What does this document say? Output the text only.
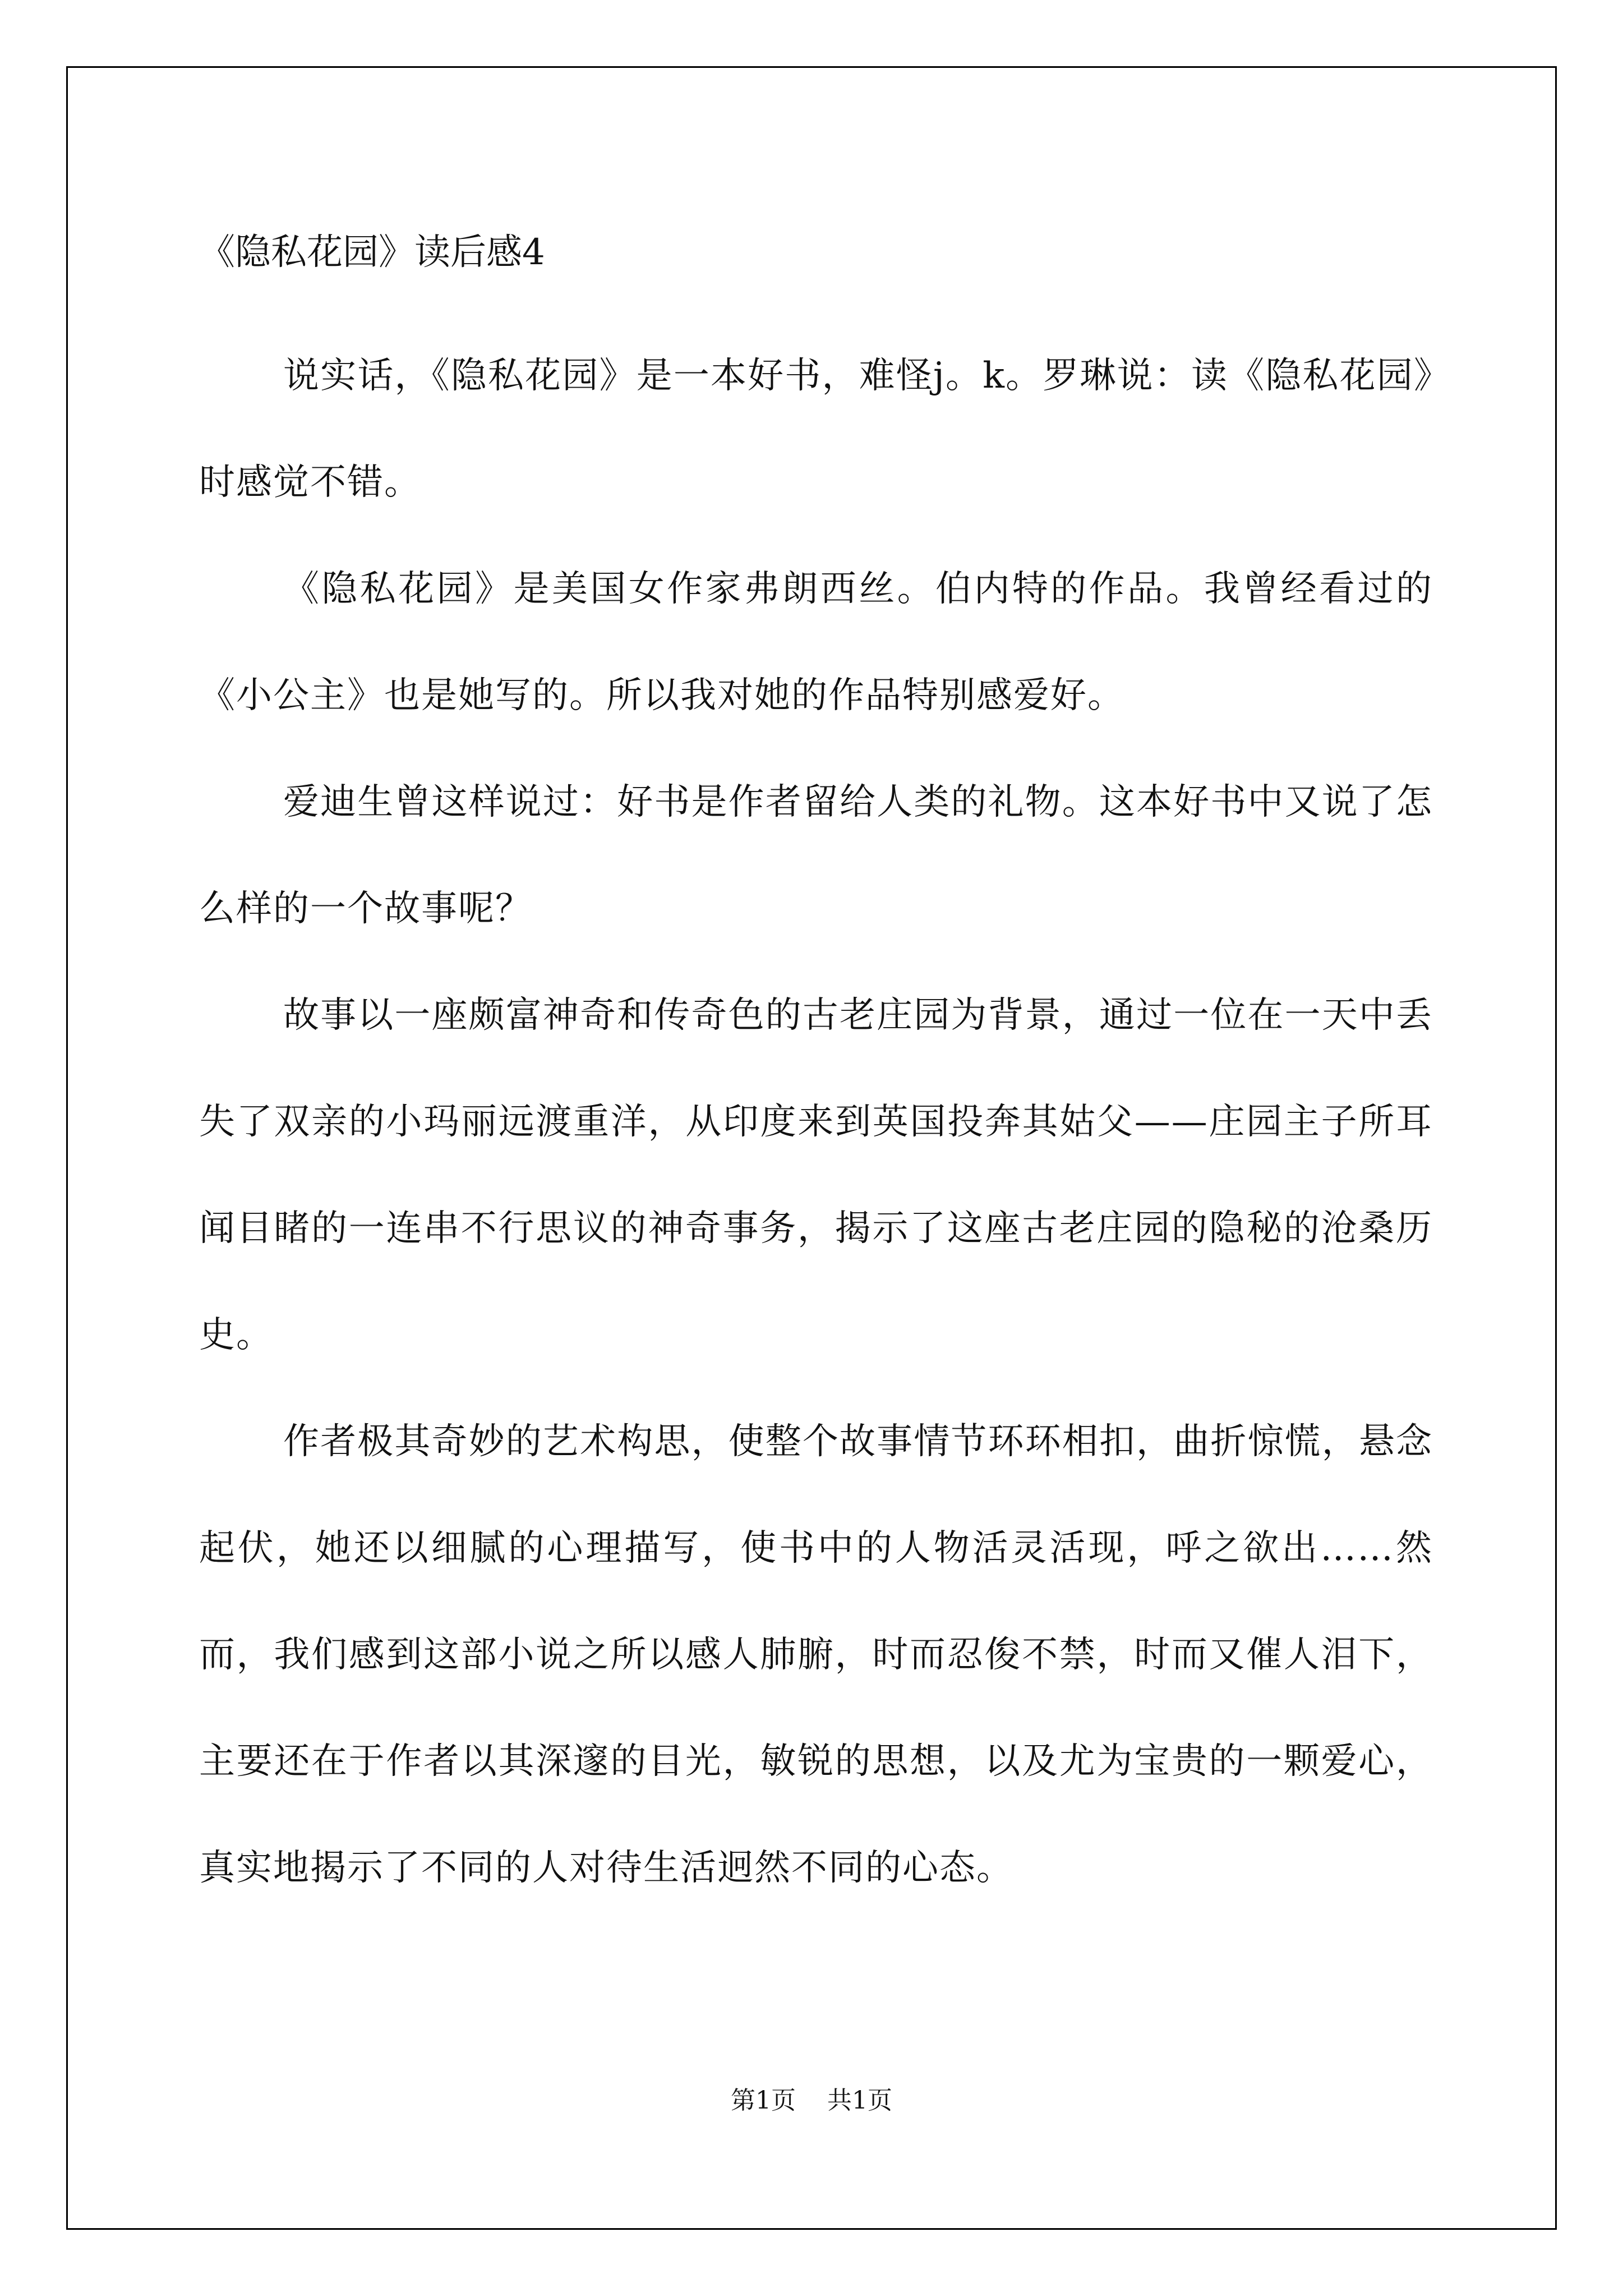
《隐私花园》读后感4

说实话，《隐私花园》是一本好书，难怪j。k。罗琳说：读《隐私花园》时感觉不错。

《隐私花园》是美国女作家弗朗西丝。伯内特的作品。我曾经看过的《小公主》也是她写的。所以我对她的作品特别感爱好。

爱迪生曾这样说过：好书是作者留给人类的礼物。这本好书中又说了怎么样的一个故事呢？

故事以一座颇富神奇和传奇色的古老庄园为背景，通过一位在一天中丢失了双亲的小玛丽远渡重洋，从印度来到英国投奔其姑父——庄园主子所耳闻目睹的一连串不行思议的神奇事务，揭示了这座古老庄园的隐秘的沧桑历史。

作者极其奇妙的艺术构思，使整个故事情节环环相扣，曲折惊慌，悬念起伏，她还以细腻的心理描写，使书中的人物活灵活现，呼之欲出……然而，我们感到这部小说之所以感人肺腑，时而忍俊不禁，时而又催人泪下，主要还在于作者以其深邃的目光，敏锐的思想，以及尤为宝贵的一颗爱心，真实地揭示了不同的人对待生活迥然不同的心态。

第1页 共1页
